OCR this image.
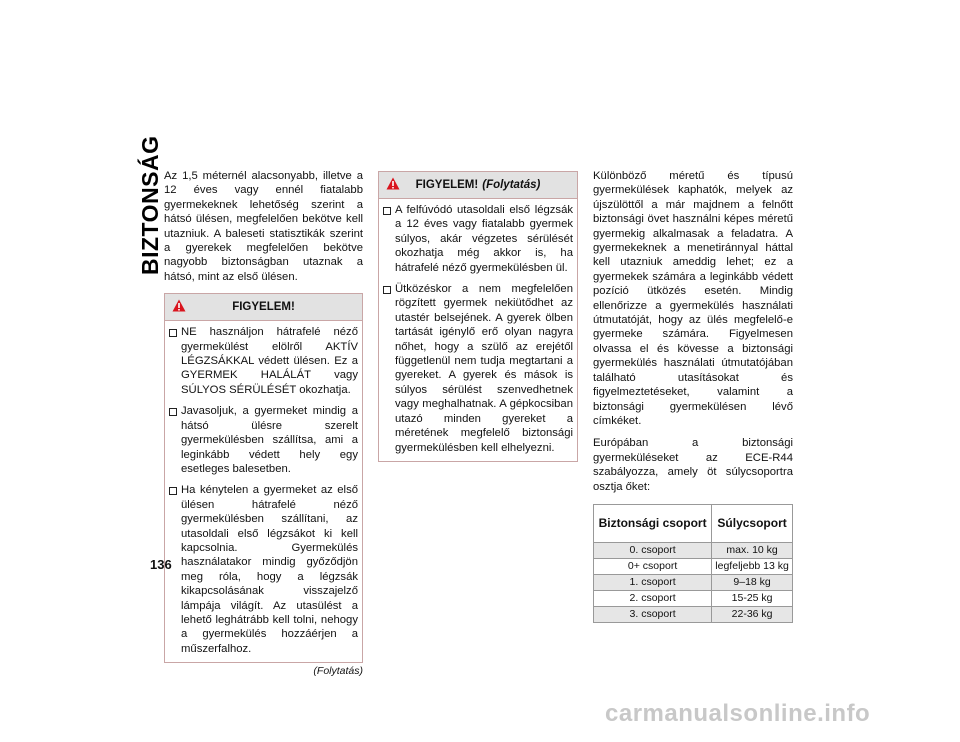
BIZTONSÁG Az 1,5 méternél alacsonyabb, illetve a 12 éves vagy ennél fiatalabb gyermekeknek lehetőség szerint a hátsó ülésen, megfelelően bekötve kell utazniuk. A baleseti statisztikák szerint a gyerekek megfelelően bekötve nagyobb biztonságban utaznak a hátsó, mint az első ülésen.

FIGYELEM!
NE használjon hátrafelé néző gyermekülést elölről AKTÍV LÉGZSÁKKAL védett ülésen. Ez a GYERMEK HALÁLÁT vagy SÚLYOS SÉRÜLÉSÉT okozhatja.
Javasoljuk, a gyermeket mindig a hátsó ülésre szerelt gyermekülésben szállítsa, ami a leginkább védett hely egy esetleges balesetben.
Ha kénytelen a gyermeket az első ülésen hátrafelé néző gyermekülésben szállítani, az utasoldali első légzsákot ki kell kapcsolnia. Gyermekülés használatakor mindig győződjön meg róla, hogy a légzsák kikapcsolásának visszajelző lámpája világít. Az utasülést a lehető leghátrább kell tolni, nehogy a gyermekülés hozzáérjen a műszerfalhoz.
(Folytatás)
FIGYELEM! (Folytatás)
A felfúvódó utasoldali első légzsák a 12 éves vagy fiatalabb gyermek súlyos, akár végzetes sérülését okozhatja még akkor is, ha hátrafelé néző gyermekülésben ül.
Ütközéskor a nem megfelelően rögzített gyermek nekiütődhet az utastér belsejének. A gyerek ölben tartását igénylő erő olyan nagyra nőhet, hogy a szülő az erejétől függetlenül nem tudja megtartani a gyereket. A gyerek és mások is súlyos sérülést szenvedhetnek vagy meghalhatnak. A gépkocsiban utazó minden gyereket a méretének megfelelő biztonsági gyermekülésben kell elhelyezni.

Különböző méretű és típusú gyermekülések kaphatók, melyek az újszülöttől a már majdnem a felnőtt biztonsági övet használni képes méretű gyermekig alkalmasak a feladatra. A gyermekeknek a menetiránnyal háttal kell utazniuk ameddig lehet; ez a gyermekek számára a leginkább védett pozíció ütközés esetén. Mindig ellenőrizze a gyermekülés használati útmutatóját, hogy az ülés megfelelő-e gyermeke számára. Figyelmesen olvassa el és kövesse a biztonsági gyermekülés használati útmutatójában található utasításokat és figyelmeztetéseket, valamint a biztonsági gyermekülésen lévő címkéket.

Európában a biztonsági gyermeküléseket az ECE-R44 szabályozza, amely öt súlycsoportra osztja őket:

Biztonsági csoport	Súlycsoport
0. csoport	max. 10 kg
0+ csoport	legfeljebb 13 kg
1. csoport	9–18 kg
2. csoport	15-25 kg
3. csoport	22-36 kg
136
carmanualsonline.info
